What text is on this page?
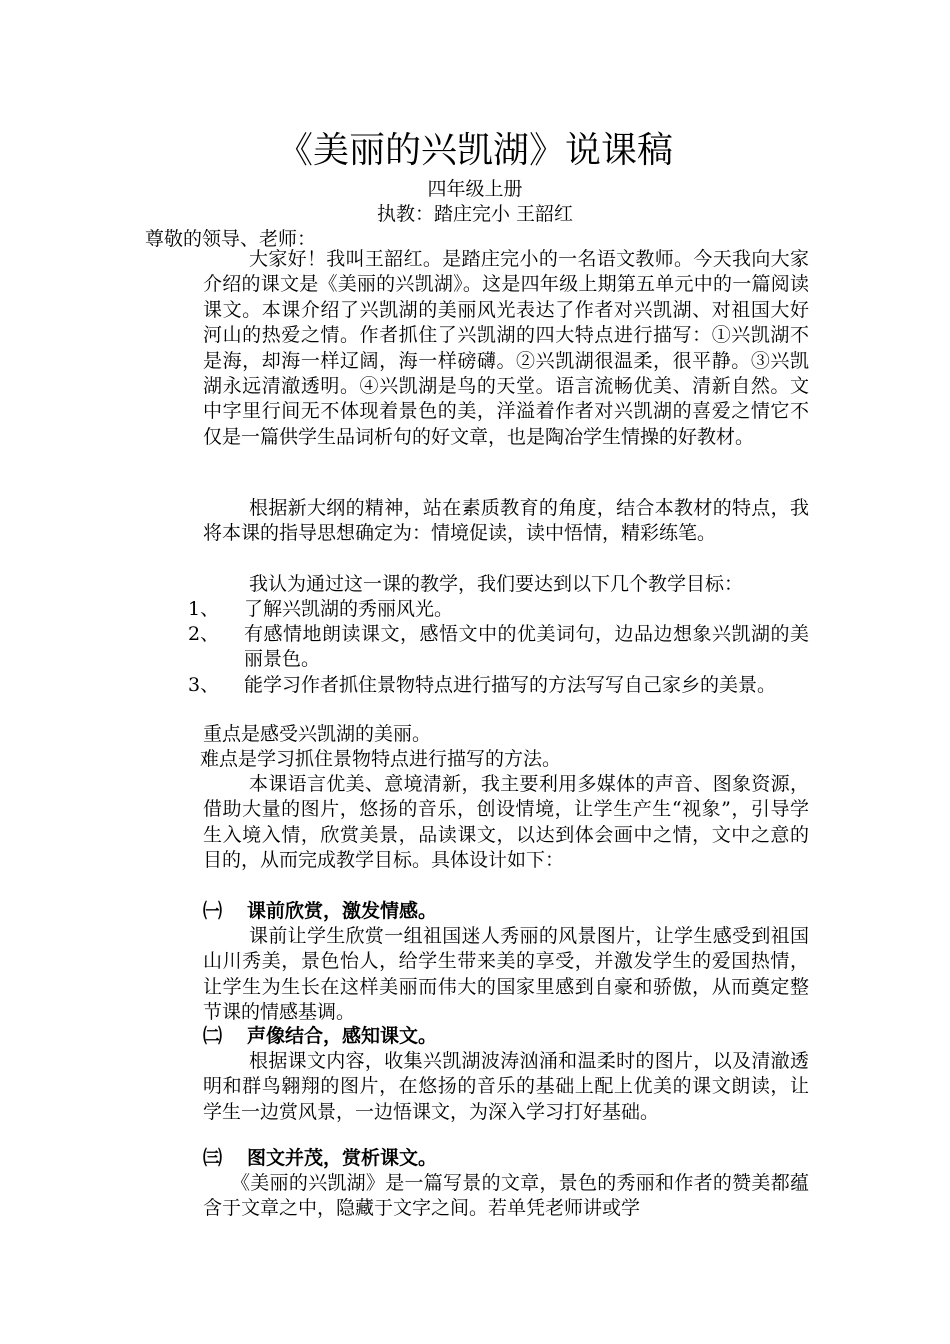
《美丽的兴凯湖》说课稿
四年级上册
执教：踏庄完小 王韶红
尊敬的领导、老师：

大家好！我叫王韶红。是踏庄完小的一名语文教师。今天我向大家介绍的课文是《美丽的兴凯湖》。这是四年级上期第五单元中的一篇阅读课文。本课介绍了兴凯湖的美丽风光表达了作者对兴凯湖、对祖国大好河山的热爱之情。作者抓住了兴凯湖的四大特点进行描写：①兴凯湖不是海，却海一样辽阔，海一样磅礴。②兴凯湖很温柔，很平静。③兴凯湖永远清澈透明。④兴凯湖是鸟的天堂。语言流畅优美、清新自然。文中字里行间无不体现着景色的美，洋溢着作者对兴凯湖的喜爱之情它不仅是一篇供学生品词析句的好文章，也是陶冶学生情操的好教材。

根据新大纲的精神，站在素质教育的角度，结合本教材的特点，我将本课的指导思想确定为：情境促读，读中悟情，精彩练笔。

我认为通过这一课的教学，我们要达到以下几个教学目标：

1、 了解兴凯湖的秀丽风光。
2、 有感情地朗读课文，感悟文中的优美词句，边品边想象兴凯湖的美丽景色。
3、 能学习作者抓住景物特点进行描写的方法写写自己家乡的美景。
重点是感受兴凯湖的美丽。
难点是学习抓住景物特点进行描写的方法。

本课语言优美、意境清新，我主要利用多媒体的声音、图象资源，借助大量的图片，悠扬的音乐，创设情境，让学生产生“视象”，引导学生入境入情，欣赏美景，品读课文，以达到体会画中之情，文中之意的目的，从而完成教学目标。具体设计如下：

㈠ 课前欣赏，激发情感。

课前让学生欣赏一组祖国迷人秀丽的风景图片，让学生感受到祖国山川秀美，景色怡人，给学生带来美的享受，并激发学生的爱国热情，让学生为生长在这样美丽而伟大的国家里感到自豪和骄傲，从而奠定整节课的情感基调。

㈡ 声像结合，感知课文。

根据课文内容，收集兴凯湖波涛汹涌和温柔时的图片，以及清澈透明和群鸟翱翔的图片，在悠扬的音乐的基础上配上优美的课文朗读，让学生一边赏风景，一边悟课文，为深入学习打好基础。

㈢ 图文并茂，赏析课文。

《美丽的兴凯湖》是一篇写景的文章，景色的秀丽和作者的赞美都蕴含于文章之中，隐藏于文字之间。若单凭老师讲或学
